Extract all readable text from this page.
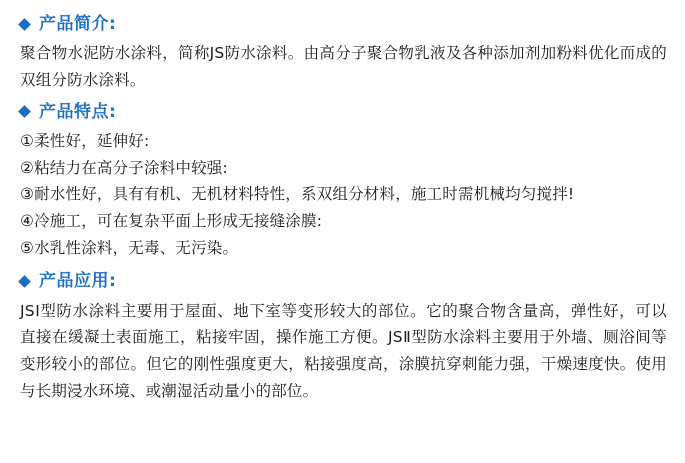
产品简介:

聚合物水泥防水涂料，简称JS防水涂料。由高分子聚合物乳液及各种添加剂加粉料优化而成的双组分防水涂料。

产品特点:
①柔性好，延伸好:
②粘结力在高分子涂料中较强:
③耐水性好，具有有机、无机材料特性，系双组分材料，施工时需机械均匀搅拌!
④冷施工，可在复杂平面上形成无接缝涂膜:
⑤水乳性涂料，无毒、无污染。
产品应用:

JSⅠ型防水涂料主要用于屋面、地下室等变形较大的部位。它的聚合物含量高，弹性好，可以直接在缓凝土表面施工，粘接牢固，操作施工方便。JSⅡ型防水涂料主要用于外墙、厕浴间等变形较小的部位。但它的刚性强度更大，粘接强度高，涂膜抗穿刺能力强，干燥速度快。使用与长期浸水环境、或潮湿活动量小的部位。
